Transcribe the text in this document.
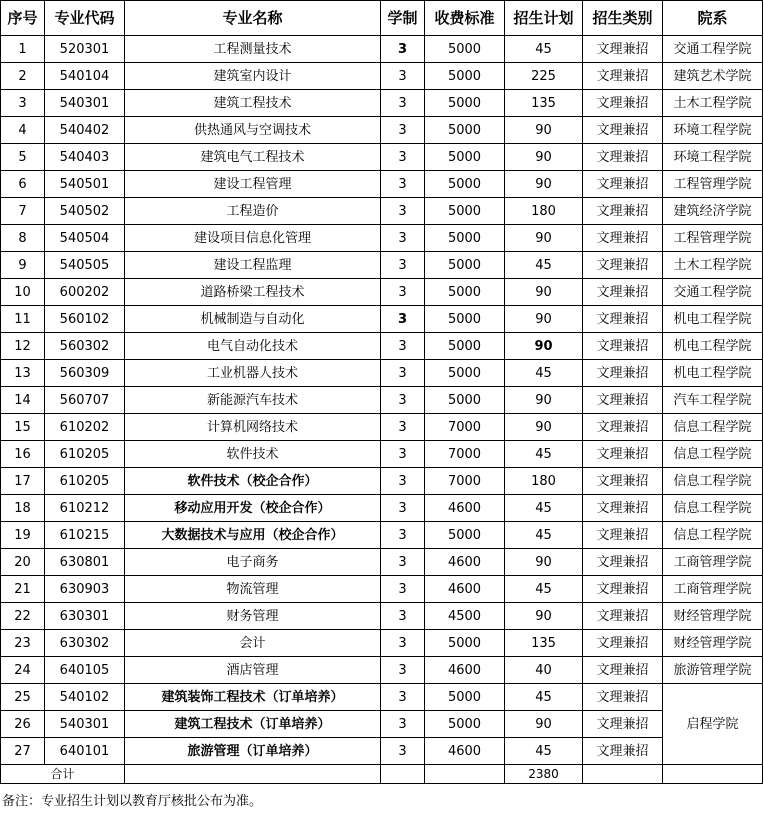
序号	专业代码	专业名称	学制	收费标准	招生计划	招生类别	院系
1	520301	工程测量技术	3	5000	45	文理兼招	交通工程学院
2	540104	建筑室内设计	3	5000	225	文理兼招	建筑艺术学院
3	540301	建筑工程技术	3	5000	135	文理兼招	土木工程学院
4	540402	供热通风与空调技术	3	5000	90	文理兼招	环境工程学院
5	540403	建筑电气工程技术	3	5000	90	文理兼招	环境工程学院
6	540501	建设工程管理	3	5000	90	文理兼招	工程管理学院
7	540502	工程造价	3	5000	180	文理兼招	建筑经济学院
8	540504	建设项目信息化管理	3	5000	90	文理兼招	工程管理学院
9	540505	建设工程监理	3	5000	45	文理兼招	土木工程学院
10	600202	道路桥梁工程技术	3	5000	90	文理兼招	交通工程学院
11	560102	机械制造与自动化	3	5000	90	文理兼招	机电工程学院
12	560302	电气自动化技术	3	5000	90	文理兼招	机电工程学院
13	560309	工业机器人技术	3	5000	45	文理兼招	机电工程学院
14	560707	新能源汽车技术	3	5000	90	文理兼招	汽车工程学院
15	610202	计算机网络技术	3	7000	90	文理兼招	信息工程学院
16	610205	软件技术	3	7000	45	文理兼招	信息工程学院
17	610205	软件技术（校企合作）	3	7000	180	文理兼招	信息工程学院
18	610212	移动应用开发（校企合作）	3	4600	45	文理兼招	信息工程学院
19	610215	大数据技术与应用（校企合作）	3	5000	45	文理兼招	信息工程学院
20	630801	电子商务	3	4600	90	文理兼招	工商管理学院
21	630903	物流管理	3	4600	45	文理兼招	工商管理学院
22	630301	财务管理	3	4500	90	文理兼招	财经管理学院
23	630302	会计	3	5000	135	文理兼招	财经管理学院
24	640105	酒店管理	3	4600	40	文理兼招	旅游管理学院
25	540102	建筑装饰工程技术（订单培养）	3	5000	45	文理兼招	启程学院
26	540301	建筑工程技术（订单培养）	3	5000	90	文理兼招	
27	640101	旅游管理（订单培养）	3	4600	45	文理兼招	
合计					2380		
备注：专业招生计划以教育厅核批公布为准。
